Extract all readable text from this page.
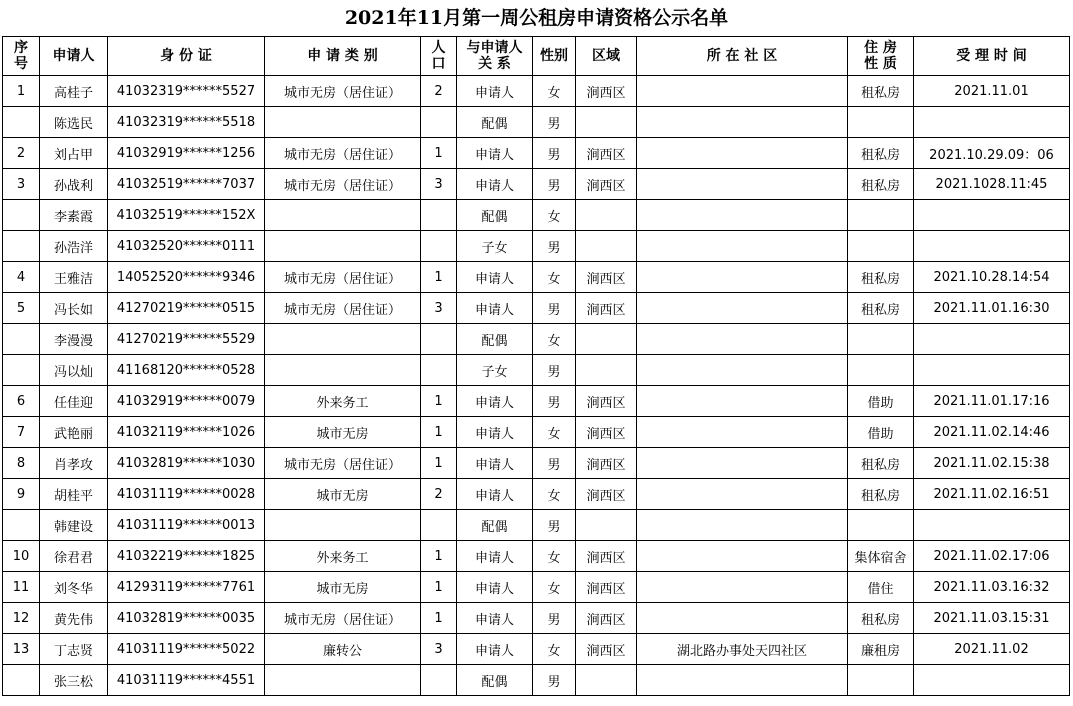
2021年11月第一周公租房申请资格公示名单
序号	申请人	身 份 证	申 请 类 别	人口	与申请人关 系	性别	区域	所 在 社 区	住 房 性 质	受 理 时 间
1	高桂子	41032319******5527	城市无房（居住证）	2	申请人	女	涧西区		租私房	2021.11.01
	陈选民	41032319******5518			配偶	男				
2	刘占甲	41032919******1256	城市无房（居住证）	1	申请人	男	涧西区		租私房	2021.10.29.09：06
3	孙战利	41032519******7037	城市无房（居住证）	3	申请人	男	涧西区		租私房	2021.1028.11:45
	李素霞	41032519******152X			配偶	女				
	孙浩洋	41032520******0111			子女	男				
4	王雅洁	14052520******9346	城市无房（居住证）	1	申请人	女	涧西区		租私房	2021.10.28.14:54
5	冯长如	41270219******0515	城市无房（居住证）	3	申请人	男	涧西区		租私房	2021.11.01.16:30
	李漫漫	41270219******5529			配偶	女				
	冯以灿	41168120******0528			子女	男				
6	任佳迎	41032919******0079	外来务工	1	申请人	男	涧西区		借助	2021.11.01.17:16
7	武艳丽	41032119******1026	城市无房	1	申请人	女	涧西区		借助	2021.11.02.14:46
8	肖孝攻	41032819******1030	城市无房（居住证）	1	申请人	男	涧西区		租私房	2021.11.02.15:38
9	胡桂平	41031119******0028	城市无房	2	申请人	女	涧西区		租私房	2021.11.02.16:51
	韩建设	41031119******0013			配偶	男				
10	徐君君	41032219******1825	外来务工	1	申请人	女	涧西区		集体宿舍	2021.11.02.17:06
11	刘冬华	41293119******7761	城市无房	1	申请人	女	涧西区		借住	2021.11.03.16:32
12	黄先伟	41032819******0035	城市无房（居住证）	1	申请人	男	涧西区		租私房	2021.11.03.15:31
13	丁志贤	41031119******5022	廉转公	3	申请人	女	涧西区	湖北路办事处天四社区	廉租房	2021.11.02
	张三松	41031119******4551			配偶	男				
